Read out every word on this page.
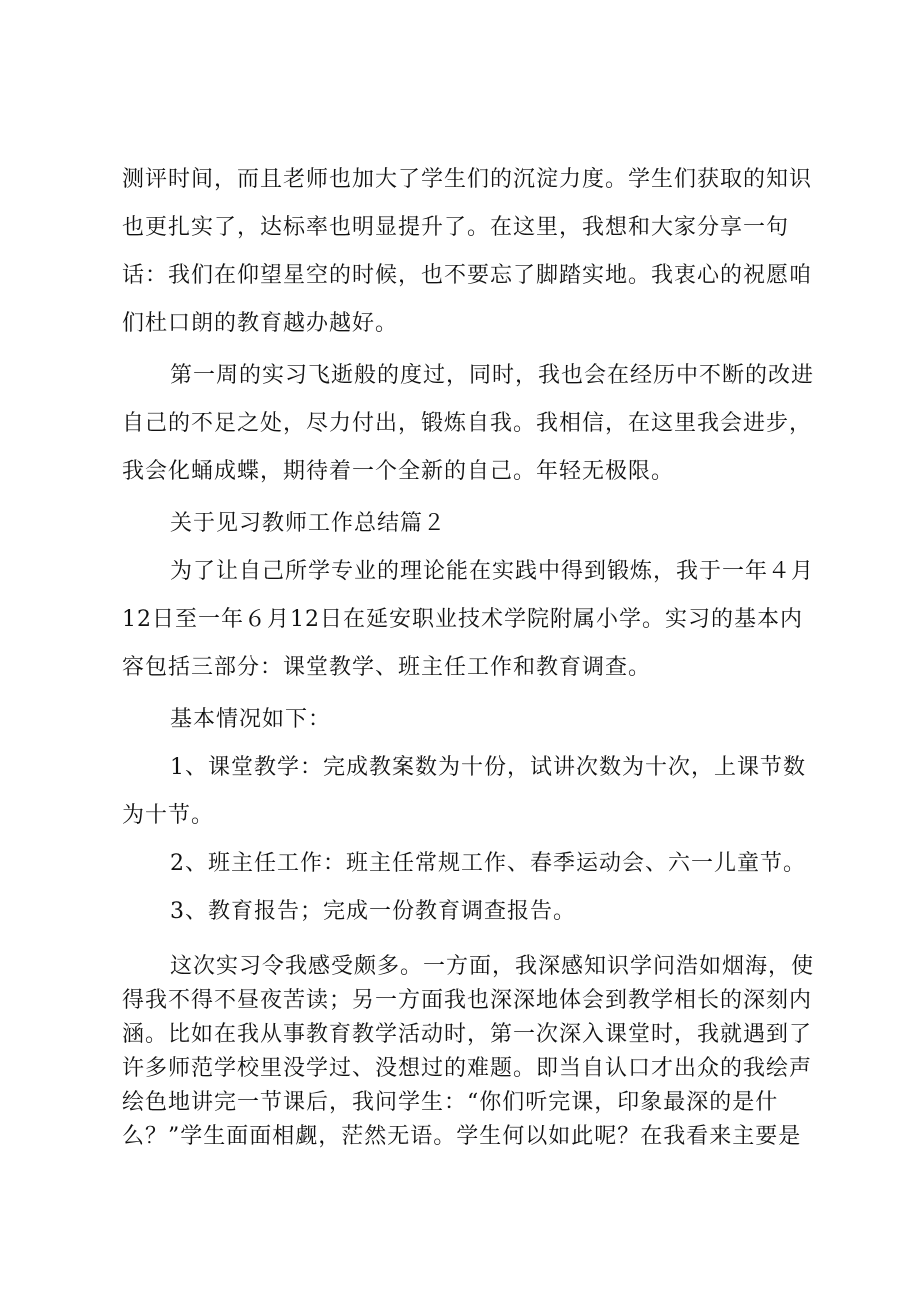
测评时间，而且老师也加大了学生们的沉淀力度。学生们获取的知识也更扎实了，达标率也明显提升了。在这里，我想和大家分享一句话：我们在仰望星空的时候，也不要忘了脚踏实地。我衷心的祝愿咱们杜口朗的教育越办越好。

第一周的实习飞逝般的度过，同时，我也会在经历中不断的改进自己的不足之处，尽力付出，锻炼自我。我相信，在这里我会进步，我会化蛹成蝶，期待着一个全新的自己。年轻无极限。

关于见习教师工作总结篇２

为了让自己所学专业的理论能在实践中得到锻炼，我于一年４月12日至一年６月12日在延安职业技术学院附属小学。实习的基本内容包括三部分：课堂教学、班主任工作和教育调查。

基本情况如下：

1、课堂教学：完成教案数为十份，试讲次数为十次，上课节数为十节。

2、班主任工作：班主任常规工作、春季运动会、六一儿童节。

3、教育报告；完成一份教育调查报告。

这次实习令我感受颇多。一方面，我深感知识学问浩如烟海，使得我不得不昼夜苦读；另一方面我也深深地体会到教学相长的深刻内涵。比如在我从事教育教学活动时，第一次深入课堂时，我就遇到了许多师范学校里没学过、没想过的难题。即当自认口才出众的我绘声绘色地讲完一节课后，我问学生：“你们听完课，印象最深的是什么？”学生面面相觑，茫然无语。学生何以如此呢？在我看来主要是
